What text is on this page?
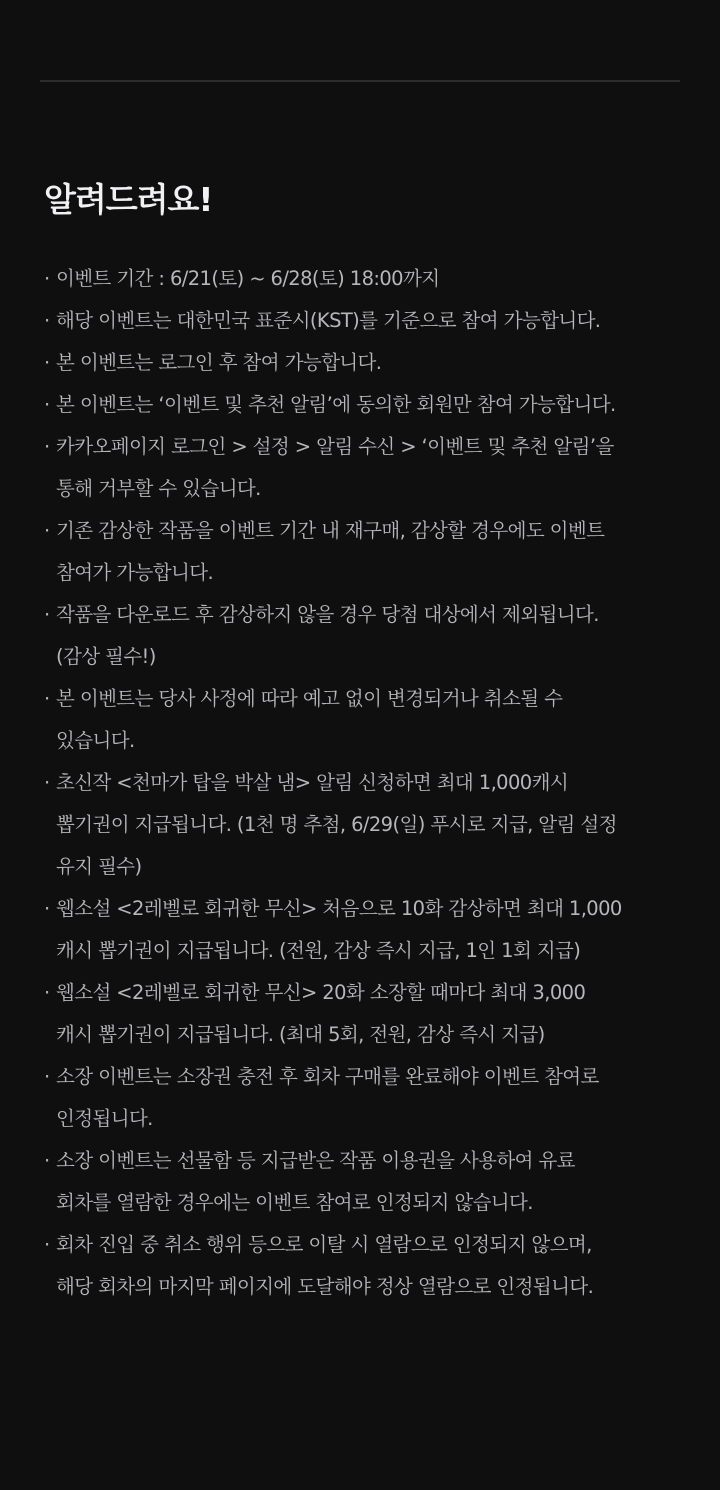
알려드려요!
· 이벤트 기간 : 6/21(토) ~ 6/28(토) 18:00까지
· 해당 이벤트는 대한민국 표준시(KST)를 기준으로 참여 가능합니다.
· 본 이벤트는 로그인 후 참여 가능합니다.
· 본 이벤트는 ‘이벤트 및 추천 알림’에 동의한 회원만 참여 가능합니다.
· 카카오페이지 로그인 > 설정 > 알림 수신 > ‘이벤트 및 추천 알림’을
통해 거부할 수 있습니다.
· 기존 감상한 작품을 이벤트 기간 내 재구매, 감상할 경우에도 이벤트
참여가 가능합니다.
· 작품을 다운로드 후 감상하지 않을 경우 당첨 대상에서 제외됩니다.
(감상 필수!)
· 본 이벤트는 당사 사정에 따라 예고 없이 변경되거나 취소될 수
있습니다.
· 초신작 <천마가 탑을 박살 냄> 알림 신청하면 최대 1,000캐시
뽑기권이 지급됩니다. (1천 명 추첨, 6/29(일) 푸시로 지급, 알림 설정
유지 필수)
· 웹소설 <2레벨로 회귀한 무신> 처음으로 10화 감상하면 최대 1,000
캐시 뽑기권이 지급됩니다. (전원, 감상 즉시 지급, 1인 1회 지급)
· 웹소설 <2레벨로 회귀한 무신> 20화 소장할 때마다 최대 3,000
캐시 뽑기권이 지급됩니다. (최대 5회, 전원, 감상 즉시 지급)
· 소장 이벤트는 소장권 충전 후 회차 구매를 완료해야 이벤트 참여로
인정됩니다.
· 소장 이벤트는 선물함 등 지급받은 작품 이용권을 사용하여 유료
회차를 열람한 경우에는 이벤트 참여로 인정되지 않습니다.
· 회차 진입 중 취소 행위 등으로 이탈 시 열람으로 인정되지 않으며,
해당 회차의 마지막 페이지에 도달해야 정상 열람으로 인정됩니다.
